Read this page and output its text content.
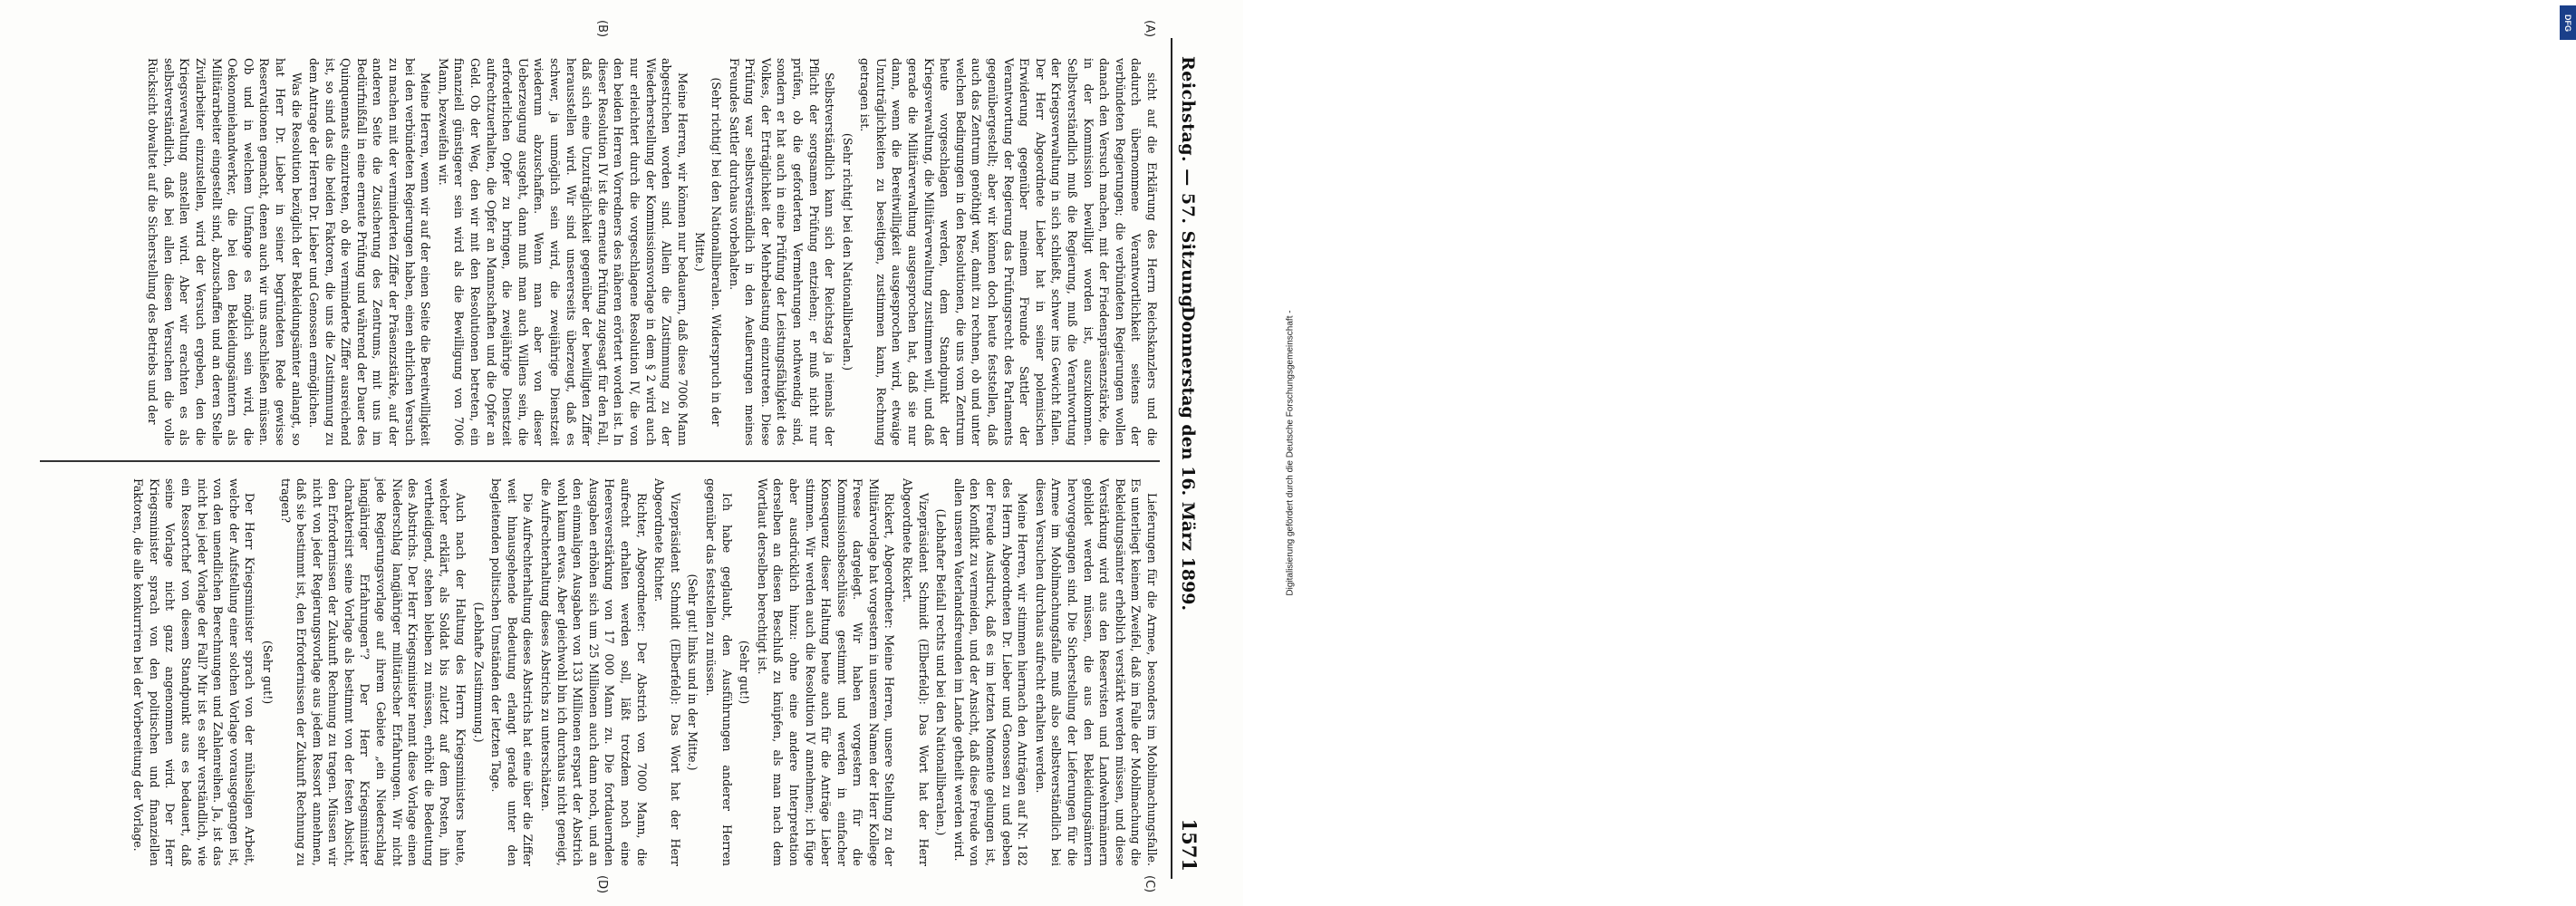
Reichstag. — 57. Sitzung.
Donnerstag den 16. März 1899.
1571
(A)
(B)
(C)
(D)

sicht auf die Erklärung des Herrn Reichskanzlers und die dadurch übernommene Verantwortlichkeit seitens der verbündeten Regierungen; die verbündeten Regierungen wollen danach den Versuch machen, mit der Friedenspräsenzstärke, die in der Kommission bewilligt worden ist, auszukommen. Selbstverständlich muß die Regierung, muß die Verantwortung der Kriegsverwaltung in sich schließt, schwer ins Gewicht fallen. Der Herr Abgeordnete Lieber hat in seiner polemischen Erwiderung gegenüber meinem Freunde Sattler der Verantwortung der Regierung das Prüfungsrecht des Parlaments gegenübergestellt; aber wir können doch heute feststellen, daß auch das Zentrum genöthigt war, damit zu rechnen, ob und unter welchen Bedingungen in den Resolutionen, die uns vom Zentrum heute vorgeschlagen werden, dem Standpunkt der Kriegsverwaltung, die Militärverwaltung zustimmen will, und daß gerade die Militärverwaltung ausgesprochen hat, daß sie nur dann, wenn die Bereitwilligkeit ausgesprochen wird, etwaige Unzuträglichkeiten zu beseitigen, zustimmen kann, Rechnung getragen ist.

(Sehr richtig! bei den Nationalliberalen.)

Selbstverständlich kann sich der Reichstag ja niemals der Pflicht der sorgsamen Prüfung entziehen; er muß nicht nur prüfen, ob die geforderten Vermehrungen nothwendig sind, sondern er hat auch in eine Prüfung der Leistungsfähigkeit des Volkes, der Erträglichkeit der Mehrbelastung einzutreten. Diese Prüfung war selbstverständlich in den Aeußerungen meines Freundes Sattler durchaus vorbehalten.

(Sehr richtig! bei den Nationalliberalen. Widerspruch in der Mitte.)

Meine Herren, wir können nur bedauern, daß diese 7006 Mann abgestrichen worden sind. Allein die Zustimmung zu der Wiederherstellung der Kommissionsvorlage in dem § 2 wird auch nur erleichtert durch die vorgeschlagene Resolution IV, die von den beiden Herren Vorredners des näheren erörtert worden ist. In dieser Resolution IV ist die erneute Prüfung zugesagt für den Fall, daß sich eine Unzuträglichkeit gegenüber der bewilligten Ziffer herausstellen wird. Wir sind unsererseits überzeugt, daß es schwer, ja unmöglich sein wird, die zweijährige Dienstzeit wiederum abzuschaffen. Wenn man aber von dieser Ueberzeugung ausgeht, dann muß man auch Willens sein, die erforderlichen Opfer zu bringen, die zweijährige Dienstzeit aufrechtzuerhalten, die Opfer an Mannschaften und die Opfer an Geld. Ob der Weg, den wir mit den Resolutionen betreten, ein finanziell günstigerer sein wird als die Bewilligung von 7006 Mann, bezweifeln wir.

Meine Herren, wenn wir auf der einen Seite die Bereitwilligkeit bei den verbündeten Regierungen haben, einen ehrlichen Versuch zu machen mit der verminderten Ziffer der Präsenzstärke, auf der anderen Seite die Zusicherung des Zentrums, mit uns im Bedürfnißfall in eine erneute Prüfung und während der Dauer des Quinquennats einzutreten, ob die verminderte Ziffer ausreichend ist, so sind das die beiden Faktoren, die uns die Zustimmung zu dem Antrage der Herren Dr. Lieber und Genossen ermöglichen.

Was die Resolution bezüglich der Bekleidungsämter anlangt, so hat Herr Dr. Lieber in seiner begründeten Rede gewisse Reservationen gemacht, denen auch wir uns anschließen müssen. Ob und in welchem Umfange es möglich sein wird, die Oekonomiehandwerker, die bei den Bekleidungsämtern als Militärarbeiter eingestellt sind, abzuschaffen und an deren Stelle Zivilarbeiter einzustellen, wird der Versuch ergeben, den die Kriegsverwaltung anstellen wird. Aber wir erachten es als selbstverständlich, daß bei allen diesen Versuchen die volle Rücksicht obwaltet auf die Sicherstellung des Betriebs und der

Lieferungen für die Armee, besonders im Mobilmachungsfalle. Es unterliegt keinem Zweifel, daß im Falle der Mobilmachung die Bekleidungsämter erheblich verstärkt werden müssen, und diese Verstärkung wird aus den Reservisten und Landwehrmännern gebildet werden müssen, die aus den Bekleidungsämtern hervorgegangen sind. Die Sicherstellung der Lieferungen für die Armee im Mobilmachungsfalle muß also selbstverständlich bei diesen Versuchen durchaus aufrecht erhalten werden.

Meine Herren, wir stimmen hiernach den Anträgen auf Nr. 182 des Herrn Abgeordneten Dr. Lieber und Genossen zu und geben der Freude Ausdruck, daß es im letzten Momente gelungen ist, den Konflikt zu vermeiden, und der Ansicht, daß diese Freude von allen unseren Vaterlandsfreunden im Lande getheilt werden wird.

(Lebhafter Beifall rechts und bei den Nationalliberalen.)

Vizepräsident Schmidt (Elberfeld): Das Wort hat der Herr Abgeordnete Rickert.

Rickert, Abgeordneter: Meine Herren, unsere Stellung zu der Militärvorlage hat vorgestern in unserem Namen der Herr Kollege Freese dargelegt. Wir haben vorgestern für die Kommissionsbeschlüsse gestimmt und werden in einfacher Konsequenz dieser Haltung heute auch für die Anträge Lieber stimmen. Wir werden auch die Resolution IV annehmen; ich füge aber ausdrücklich hinzu: ohne eine andere Interpretation derselben an diesen Beschluß zu knüpfen, als man nach dem Wortlaut derselben berechtigt ist.

(Sehr gut!)

Ich habe geglaubt, den Ausführungen anderer Herren gegenüber das feststellen zu müssen.

(Sehr gut! links und in der Mitte.)

Vizepräsident Schmidt (Elberfeld): Das Wort hat der Herr Abgeordnete Richter.

Richter, Abgeordneter: Der Abstrich von 7000 Mann, die aufrecht erhalten werden soll, läßt trotzdem noch eine Heeresverstärkung von 17 000 Mann zu. Die fortdauernden Ausgaben erhöhen sich um 25 Millionen auch dann noch, und an den einmaligen Ausgaben von 133 Millionen erspart der Abstrich wohl kaum etwas. Aber gleichwohl bin ich durchaus nicht geneigt, die Aufrechterhaltung dieses Abstrichs zu unterschätzen.

Die Aufrechterhaltung dieses Abstrichs hat eine über die Ziffer weit hinausgehende Bedeutung erlangt gerade unter den begleitenden politischen Umständen der letzten Tage.

(Lebhafte Zustimmung.)

Auch nach der Haltung des Herrn Kriegsministers heute, welcher erklärt, als Soldat bis zuletzt auf dem Posten, ihn vertheidigend, stehen bleiben zu müssen, erhöht die Bedeutung des Abstrichs. Der Herr Kriegsminister nennt diese Vorlage einen Niederschlag langjähriger militärischer Erfahrungen. Wir nicht jede Regierungsvorlage auf ihrem Gebiete „ein Niederschlag langjähriger Erfahrungen“? Der Herr Kriegsminister charakterisirt seine Vorlage als bestimmt von der festen Absicht, den Erfordernissen der Zukunft Rechnung zu tragen. Müssen wir nicht von jeder Regierungsvorlage aus jedem Ressort annehmen, daß sie bestimmt ist, den Erfordernissen der Zukunft Rechnung zu tragen?

(Sehr gut!)

Der Herr Kriegsminister sprach von der mühseligen Arbeit, welche der Aufstellung einer solchen Vorlage vorausgegangen ist, von den unendlichen Berechnungen und Zahlenreihen. Ja, ist das nicht bei jeder Vorlage der Fall? Mir ist es sehr verständlich, wie ein Ressortchef von diesem Standpunkt aus es bedauert, daß seine Vorlage nicht ganz angenommen wird. Der Herr Kriegsminister sprach von den politischen und finanziellen Faktoren, die alle konkurriren bei der Vorbereitung der Vorlage.

DFG
Digitalisierung gefördert durch die Deutsche Forschungsgemeinschaft -
